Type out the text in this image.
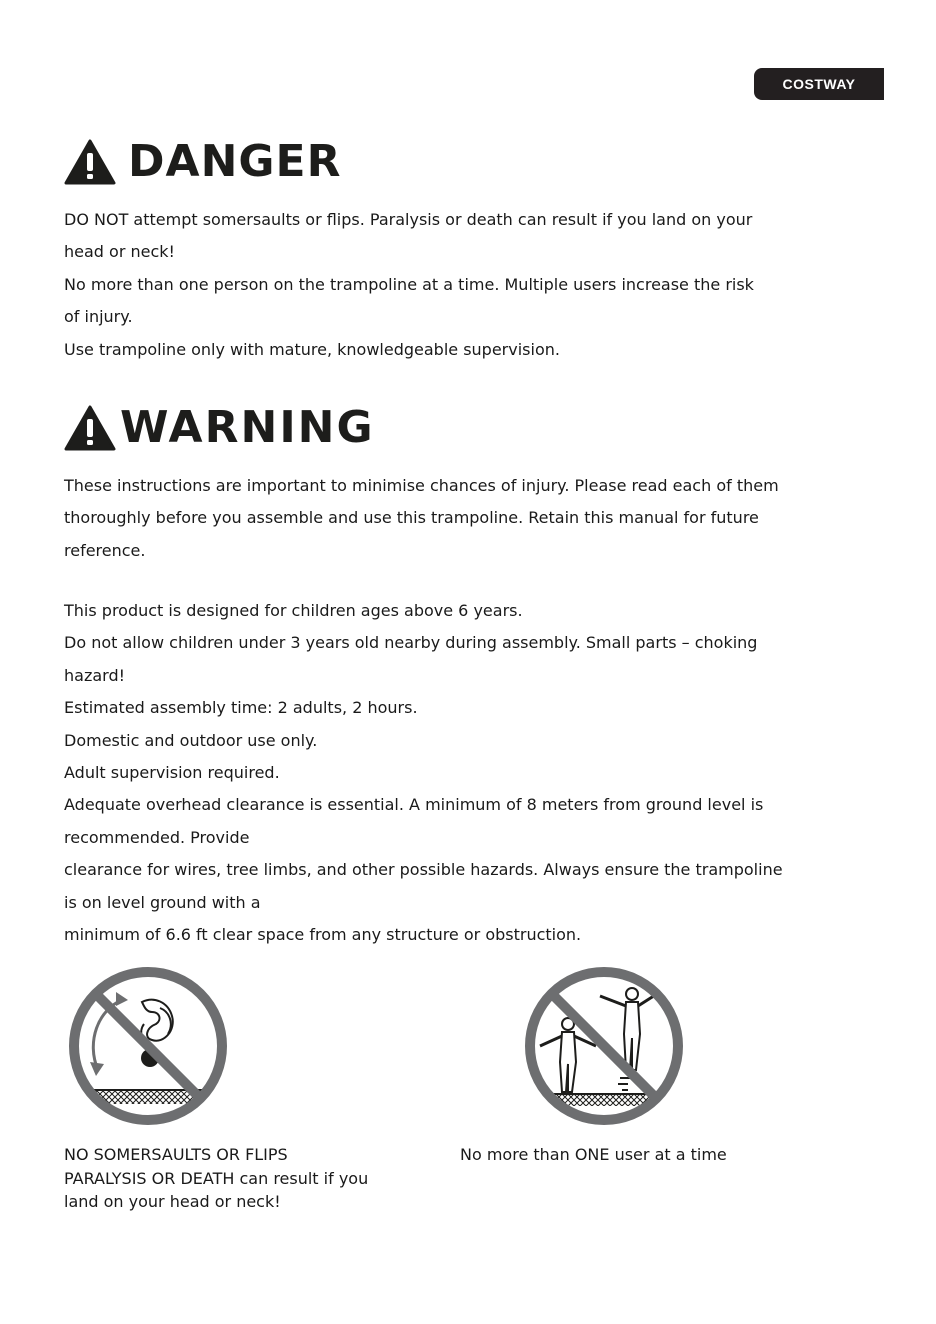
COSTWAY
DANGER

DO NOT attempt somersaults or flips. Paralysis or death can result if you land on your

head or neck!

No more than one person on the trampoline at a time. Multiple users increase the risk

of injury.

Use trampoline only with mature, knowledgeable supervision.

WARNING

These instructions are important to minimise chances of injury. Please read each of them

thoroughly before you assemble and use this trampoline. Retain this manual for future

reference.

This product is designed for children ages above 6 years.

Do not allow children under 3 years old nearby during assembly. Small parts – choking

hazard!

Estimated assembly time: 2 adults, 2 hours.

Domestic and outdoor use only.

Adult supervision required.

Adequate overhead clearance is essential. A minimum of 8 meters from ground level is

recommended. Provide

clearance for wires, tree limbs, and other possible hazards. Always ensure the trampoline

is on level ground with a

minimum of 6.6 ft clear space from any structure or obstruction.

NO SOMERSAULTS OR FLIPS

PARALYSIS OR DEATH can result if you

land on your head or neck!

No more than ONE user at a time
